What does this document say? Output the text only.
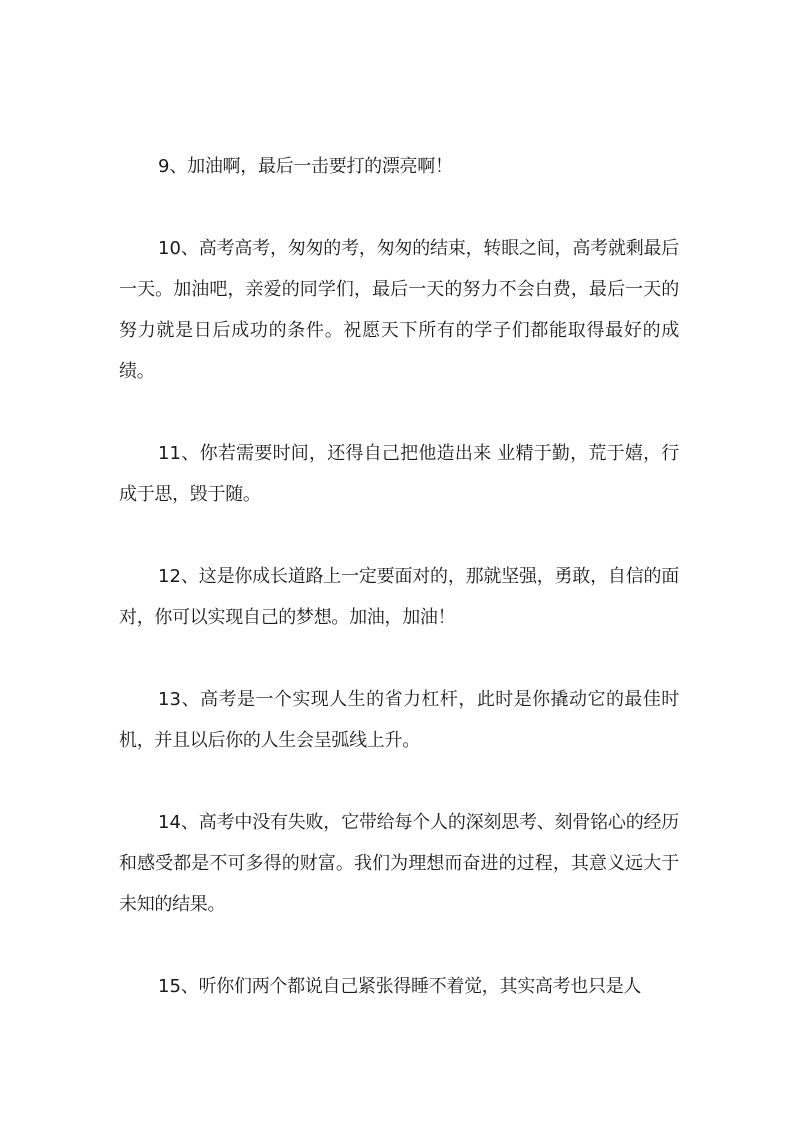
9、加油啊，最后一击要打的漂亮啊！

10、高考高考，匆匆的考，匆匆的结束，转眼之间，高考就剩最后一天。加油吧，亲爱的同学们，最后一天的努力不会白费，最后一天的努力就是日后成功的条件。祝愿天下所有的学子们都能取得最好的成绩。

11、你若需要时间，还得自己把他造出来 业精于勤，荒于嬉，行成于思，毁于随。

12、这是你成长道路上一定要面对的，那就坚强，勇敢，自信的面对，你可以实现自己的梦想。加油，加油！

13、高考是一个实现人生的省力杠杆，此时是你撬动它的最佳时机，并且以后你的人生会呈弧线上升。

14、高考中没有失败，它带给每个人的深刻思考、刻骨铭心的经历和感受都是不可多得的财富。我们为理想而奋进的过程，其意义远大于未知的结果。

15、听你们两个都说自己紧张得睡不着觉，其实高考也只是人
